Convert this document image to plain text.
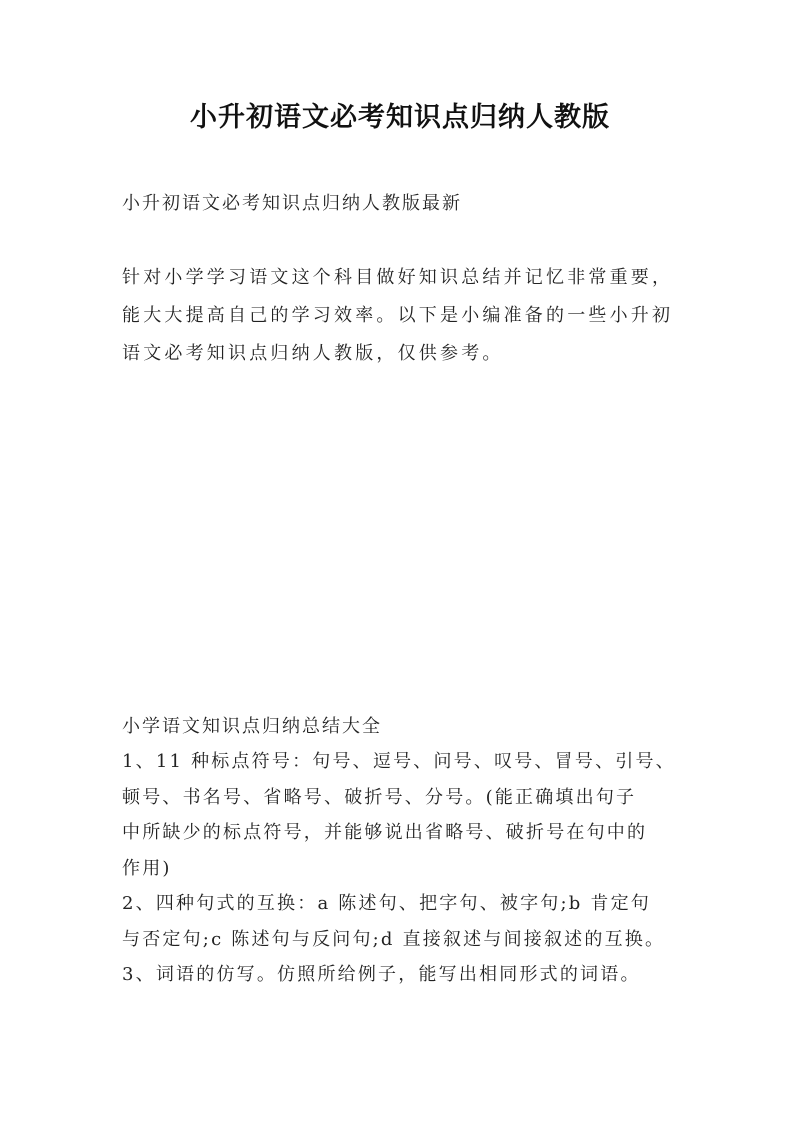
小升初语文必考知识点归纳人教版
小升初语文必考知识点归纳人教版最新
针对小学学习语文这个科目做好知识总结并记忆非常重要，
能大大提高自己的学习效率。以下是小编准备的一些小升初
语文必考知识点归纳人教版，仅供参考。
小学语文知识点归纳总结大全
1、11 种标点符号：句号、逗号、问号、叹号、冒号、引号、
顿号、书名号、省略号、破折号、分号。(能正确填出句子
中所缺少的标点符号，并能够说出省略号、破折号在句中的
作用)
2、四种句式的互换：a 陈述句、把字句、被字句;b 肯定句
与否定句;c 陈述句与反问句;d 直接叙述与间接叙述的互换。
3、词语的仿写。仿照所给例子，能写出相同形式的词语。
